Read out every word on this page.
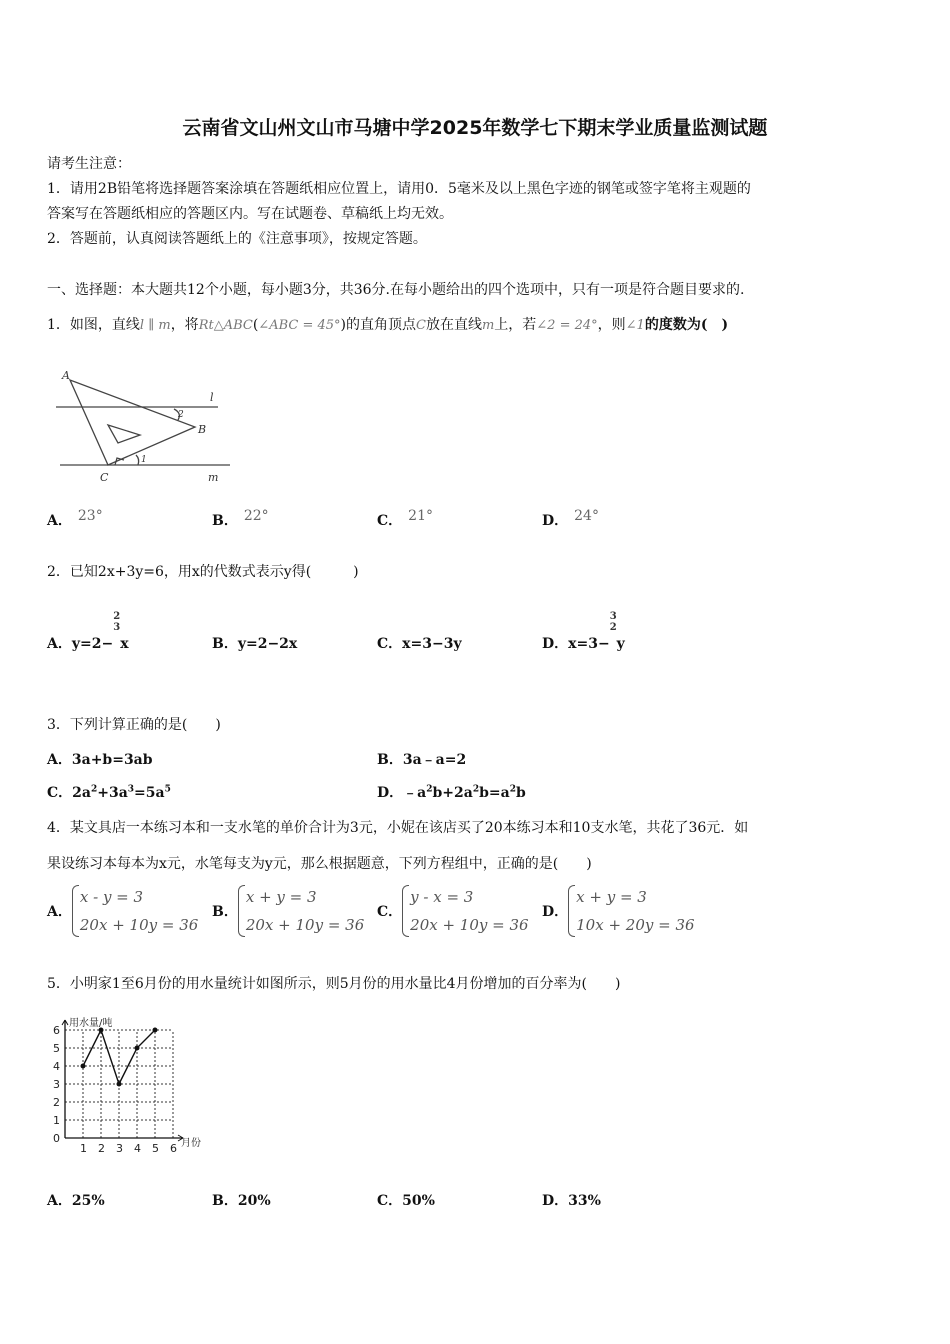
云南省文山州文山市马塘中学2025年数学七下期末学业质量监测试题
请考生注意：
1．请用2B铅笔将选择题答案涂填在答题纸相应位置上，请用0．5毫米及以上黑色字迹的钢笔或签字笔将主观题的
答案写在答题纸相应的答题区内。写在试题卷、草稿纸上均无效。
2．答题前，认真阅读答题纸上的《注意事项》，按规定答题。
一、选择题：本大题共12个小题，每小题3分，共36分.在每小题给出的四个选项中，只有一项是符合题目要求的.
1．如图，直线l ∥ m，将Rt△ABC(∠ABC = 45°)的直角顶点C放在直线m上，若∠2 = 24°，则∠1的度数为(　)
A
B
C
l
m
1
2
A． 23°	B． 22°	C． 21°	D． 24°
2．已知2x+3y=6，用x的代数式表示y得(　　　)
A．y=2−
2
3
x	B．y=2−2x	C．x=3−3y	D．x=3−
3
2
y
3．下列计算正确的是(　　)
A．3a+b=3ab	B．3a﹣a=2
C．$2a^2+3a^3=5a^5$	D．$﹣a^2b+2a^2b=a^2b$
4．某文具店一本练习本和一支水笔的单价合计为3元，小妮在该店买了20本练习本和10支水笔，共花了36元．如
果设练习本每本为x元，水笔每支为y元，那么根据题意，下列方程组中，正确的是(　　)
A．
x - y = 3
20x + 10y = 36
B．
x + y = 3
20x + 10y = 36
C．
y - x = 3
20x + 10y = 36
D．
x + y = 3
10x + 20y = 36
5．小明家1至6月份的用水量统计如图所示，则5月份的用水量比4月份增加的百分率为(　　)
0
1
2
3
4
5
6
1 2 3 4 5 6
用水量/吨
月份
A．25%	B．20%	C．50%	D．33%
